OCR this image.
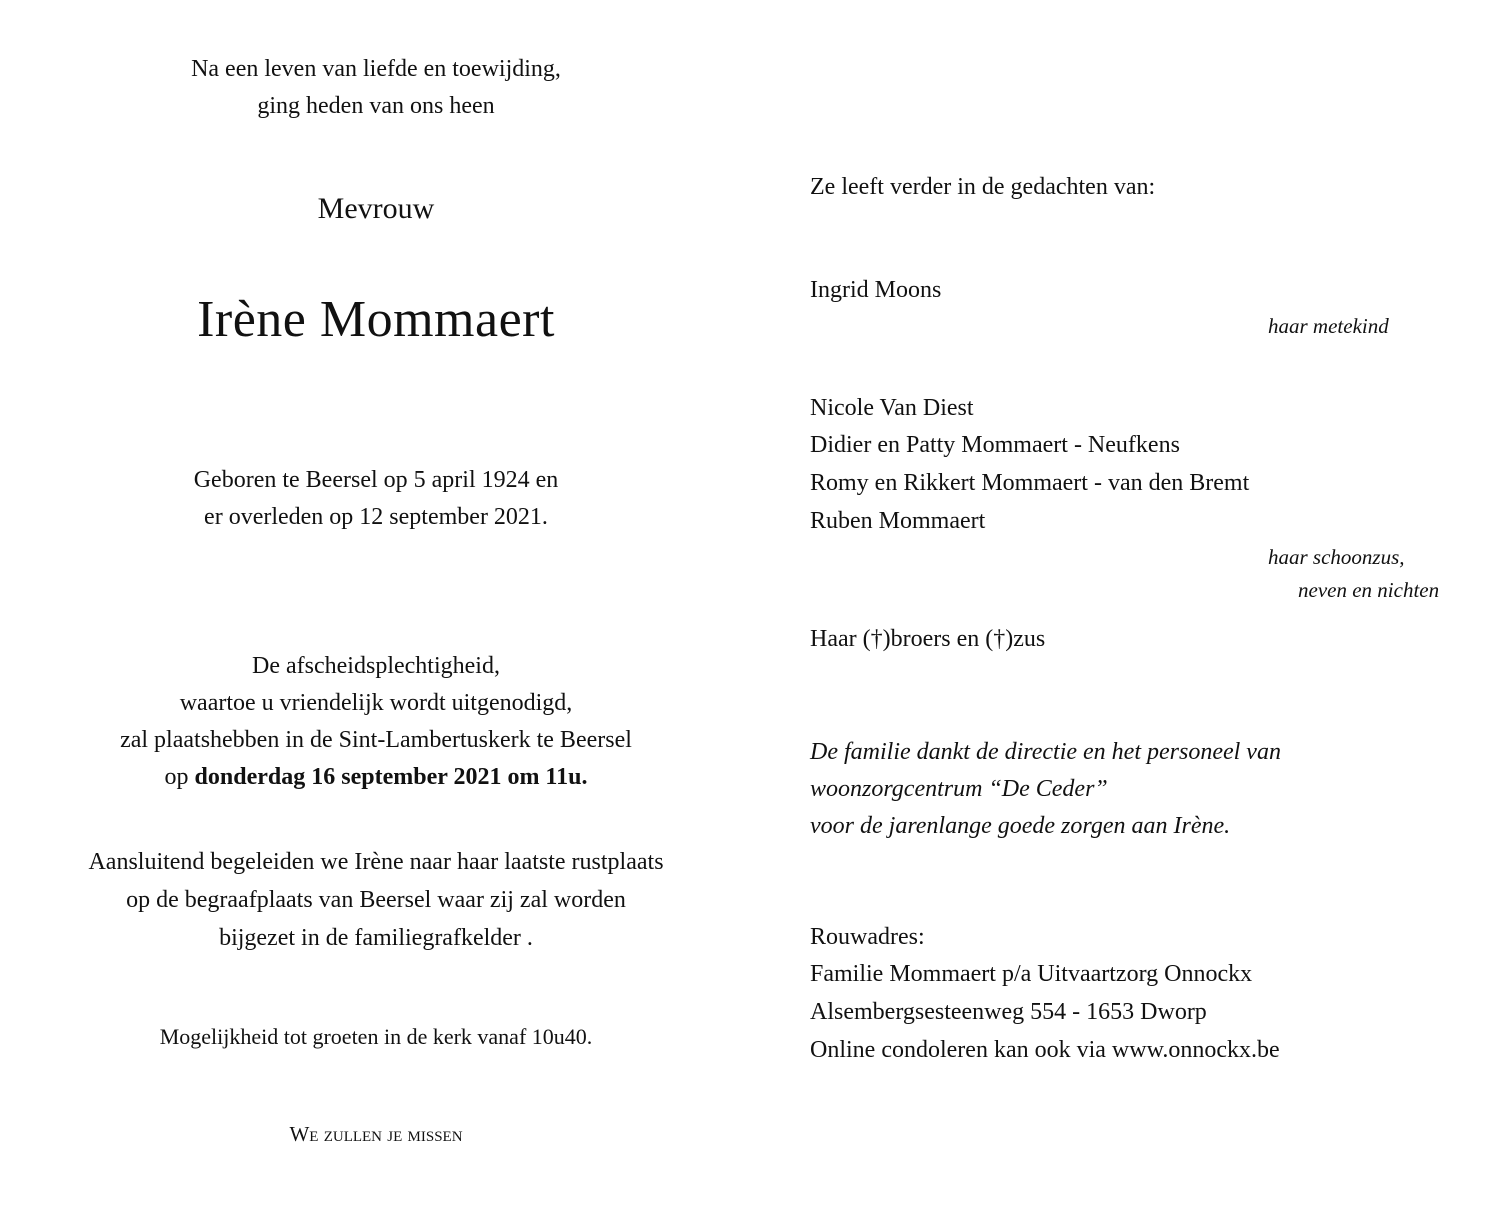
Na een leven van liefde en toewijding,
ging heden van ons heen
Mevrouw
Irène Mommaert
Geboren te Beersel op 5 april 1924 en
er overleden op 12 september 2021.
De afscheidsplechtigheid,
waartoe u vriendelijk wordt uitgenodigd,
zal plaatshebben in de Sint-Lambertuskerk te Beersel
op donderdag 16 september 2021 om 11u.
Aansluitend begeleiden we Irène naar haar laatste rustplaats
op de begraafplaats van Beersel waar zij zal worden
bijgezet in de familiegrafkelder .
Mogelijkheid tot groeten in de kerk vanaf 10u40.
We zullen je missen
Ze leeft verder in de gedachten van:
Ingrid Moons
haar metekind
Nicole Van Diest
Didier en Patty Mommaert - Neufkens
Romy en Rikkert Mommaert - van den Bremt
Ruben Mommaert
haar schoonzus,
neven en nichten
Haar (†)broers en (†)zus
De familie dankt de directie en het personeel van
woonzorgcentrum “De Ceder”
voor de jarenlange goede zorgen aan Irène.
Rouwadres:
Familie Mommaert p/a Uitvaartzorg Onnockx
Alsembergsesteenweg 554 - 1653 Dworp
Online condoleren kan ook via www.onnockx.be
